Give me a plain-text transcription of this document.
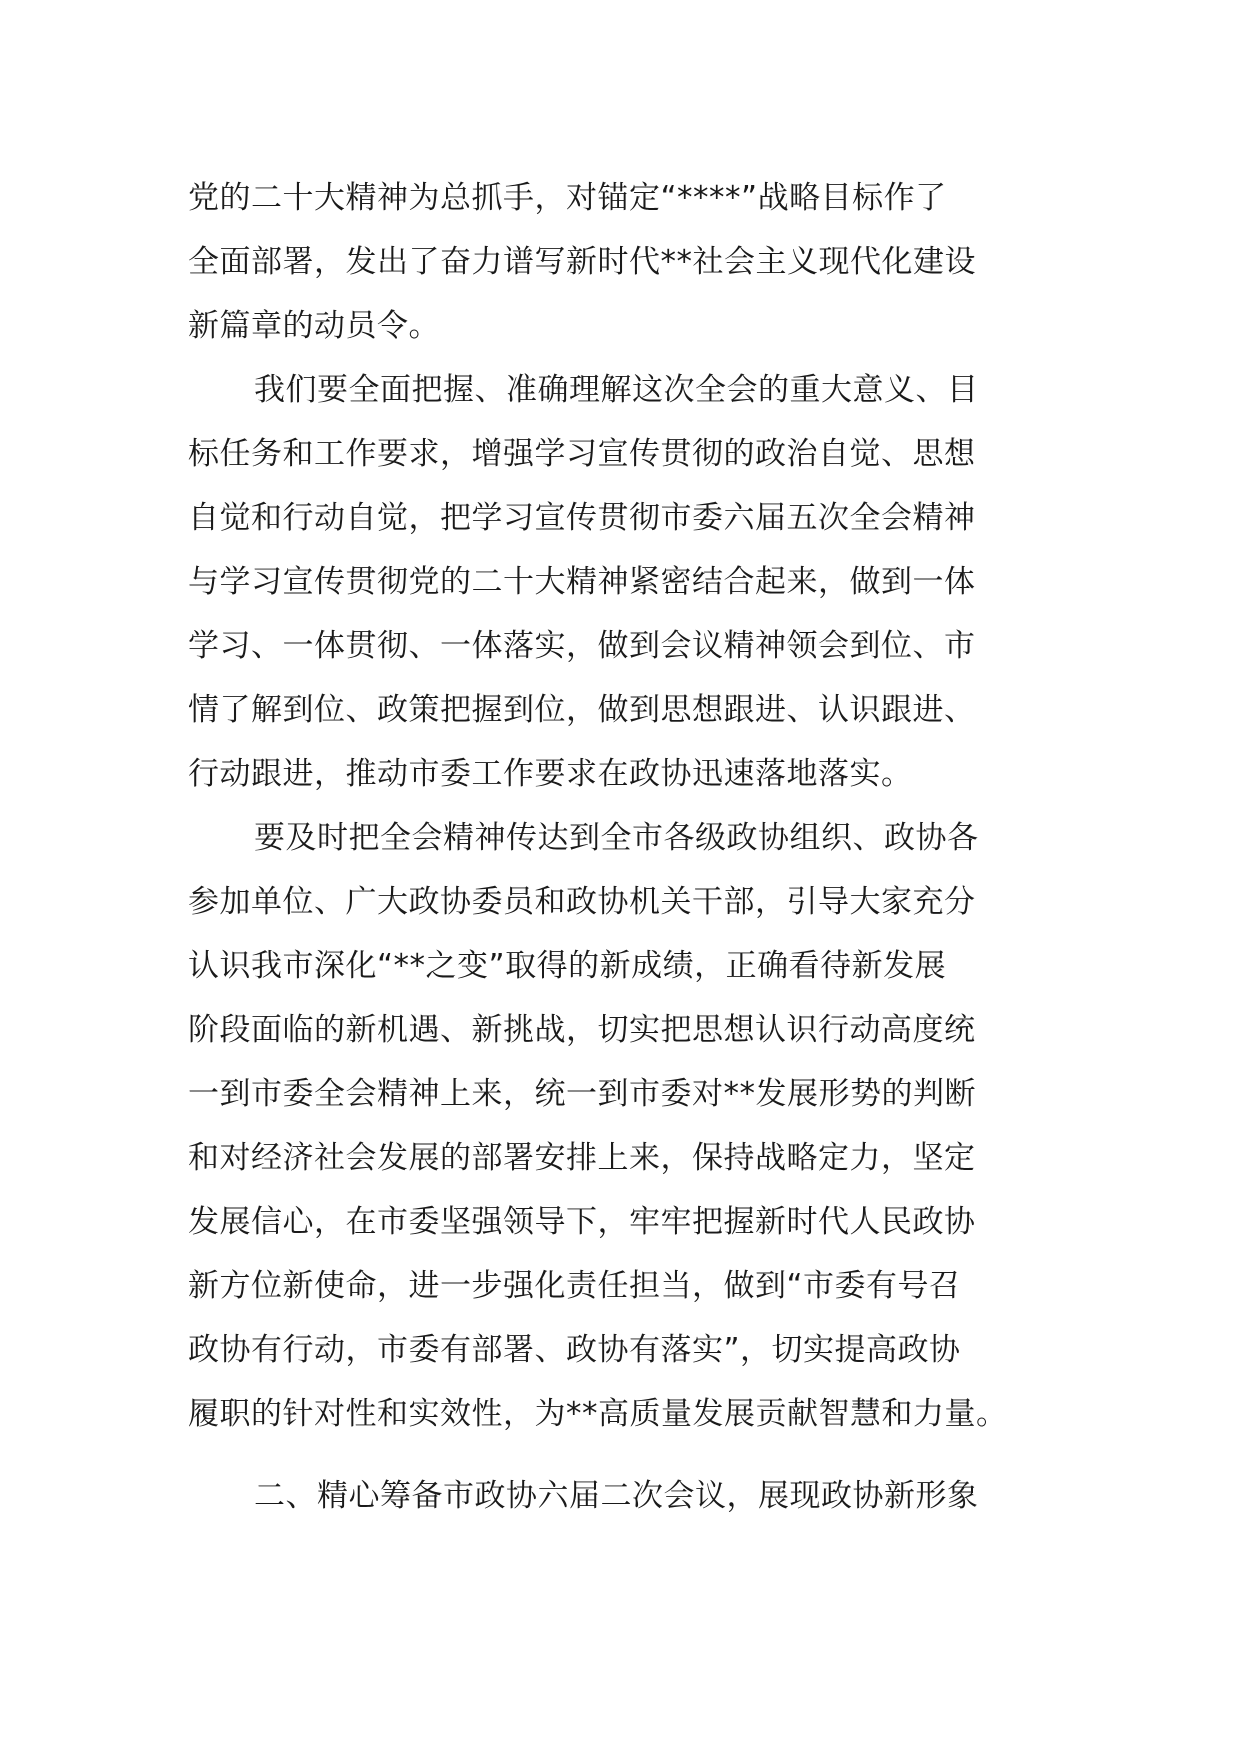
党的二十大精神为总抓手，对锚定“****”战略目标作了
全面部署，发出了奋力谱写新时代**社会主义现代化建设
新篇章的动员令。
我们要全面把握、准确理解这次全会的重大意义、目
标任务和工作要求，增强学习宣传贯彻的政治自觉、思想
自觉和行动自觉，把学习宣传贯彻市委六届五次全会精神
与学习宣传贯彻党的二十大精神紧密结合起来，做到一体
学习、一体贯彻、一体落实，做到会议精神领会到位、市
情了解到位、政策把握到位，做到思想跟进、认识跟进、
行动跟进，推动市委工作要求在政协迅速落地落实。
要及时把全会精神传达到全市各级政协组织、政协各
参加单位、广大政协委员和政协机关干部，引导大家充分
认识我市深化“**之变”取得的新成绩，正确看待新发展
阶段面临的新机遇、新挑战，切实把思想认识行动高度统
一到市委全会精神上来，统一到市委对**发展形势的判断
和对经济社会发展的部署安排上来，保持战略定力，坚定
发展信心，在市委坚强领导下，牢牢把握新时代人民政协
新方位新使命，进一步强化责任担当，做到“市委有号召
政协有行动，市委有部署、政协有落实”，切实提高政协
履职的针对性和实效性，为**高质量发展贡献智慧和力量。
二、精心筹备市政协六届二次会议，展现政协新形象
